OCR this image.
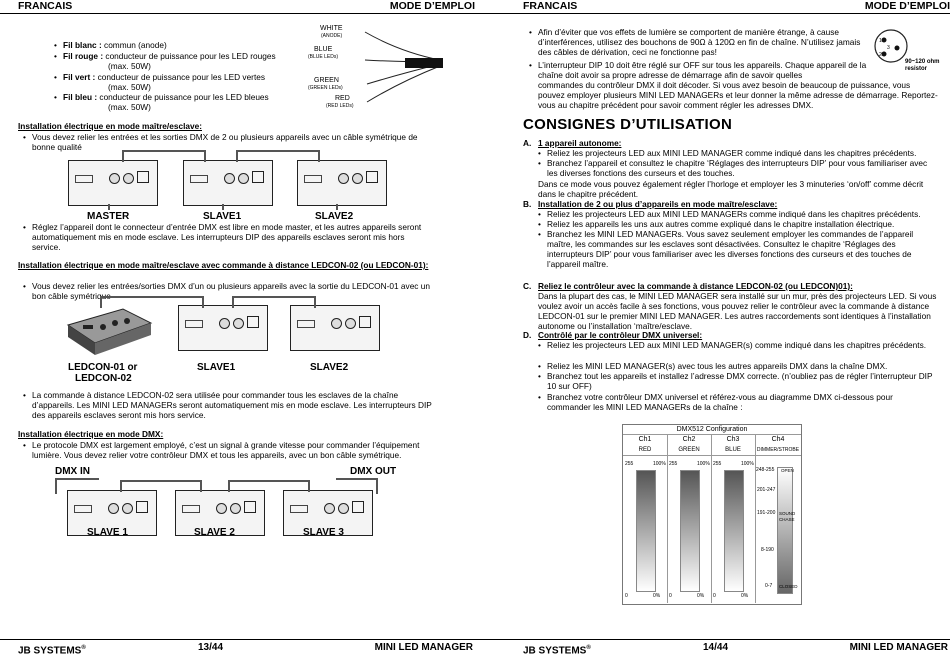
FRANCAIS	MODE D’EMPLOI
• Fil blanc : commun (anode)
• Fil rouge : conducteur de puissance pour les LED rouges
(max. 50W)
• Fil vert : conducteur de puissance pour les LED vertes
(max. 50W)
• Fil bleu : conducteur de puissance pour les LED bleues
(max. 50W)
WHITE
(ANODE)
BLUE
(BLUE LEDs)
GREEN
(GREEN LEDs)
RED
(RED LEDs)
Installation électrique en mode maître/esclave:
• Vous devez relier les entrées et les sorties DMX de 2 ou plusieurs appareils avec un câble symétrique de bonne qualité
MASTER	SLAVE1	SLAVE2
• Réglez l’appareil dont le connecteur d’entrée DMX est libre en mode master, et les autres appareils seront automatiquement mis en mode esclave. Les interrupteurs DIP des appareils esclaves seront mis hors service.
Installation électrique en mode maître/esclave avec commande à distance LEDCON-02 (ou LEDCON-01):
• Vous devez relier les entrées/sorties DMX d’un ou plusieurs appareils avec la sortie du LEDCON-01 avec un bon câble symétrique
LEDCON-01 or
LEDCON-02
SLAVE1	SLAVE2
• La commande à distance LEDCON-02 sera utilisée pour commander tous les esclaves de la chaîne d’appareils. Les MINI LED MANAGERs seront automatiquement mis en mode esclave. Les interrupteurs DIP des appareils esclaves seront mis hors service.
Installation électrique en mode DMX:
• Le protocole DMX est largement employé, c’est un signal à grande vitesse pour commander l’équipement lumière. Vous devez relier votre contrôleur DMX et tous les appareils, avec un bon câble symétrique.
DMX IN	DMX OUT
SLAVE 1	SLAVE 2	SLAVE 3
JB SYSTEMS®	13/44	MINI LED MANAGER
FRANCAIS	MODE D’EMPLOI
• Afin d’éviter que vos effets de lumière se comportent de manière étrange, à cause d’interférences, utilisez des bouchons de 90Ω à 120Ω en fin de chaîne. N’utilisez jamais des câbles de dérivation, ceci ne fonctionne pas!
• L’interrupteur DIP 10 doit être réglé sur OFF sur tous les appareils. Chaque appareil de la chaîne doit avoir sa propre adresse de démarrage afin de savoir quelles
commandes du contrôleur DMX il doit décoder. Si vous avez besoin de beaucoup de puissance, vous pouvez employer plusieurs MINI LED MANAGERs et leur donner la même adresse de démarrage. Reportez-vous au chapitre précédent pour savoir comment régler les adresses DMX.
1
3
2
90~120 ohm
resistor
CONSIGNES D’UTILISATION
A. 1 appareil autonome:
• Reliez les projecteurs LED aux MINI LED MANAGER comme indiqué dans les chapitres précédents.
• Branchez l’appareil et consultez le chapitre ‘Réglages des interrupteurs DIP’ pour vous familiariser avec les diverses fonctions des curseurs et des touches.
Dans ce mode vous pouvez également régler l’horloge et employer les 3 minuteries ‘on/off’ comme décrit dans le chapitre précédent.
B. Installation de 2 ou plus d’appareils en mode maître/esclave:
• Reliez les projecteurs LED aux MINI LED MANAGERs comme indiqué dans les chapitres précédents.
• Reliez les appareils les uns aux autres comme expliqué dans le chapitre installation électrique.
• Branchez les MINI LED MANAGERs. Vous savez seulement employer les commandes de l’appareil maître, les commandes sur les esclaves sont désactivées. Consultez le chapitre ‘Réglages des interrupteurs DIP’ pour vous familiariser avec les diverses fonctions des curseurs et des touches de l’appareil maître.
C. Reliez le contrôleur avec la commande à distance LEDCON-02 (ou LEDCON)01):
Dans la plupart des cas, le MINI LED MANAGER sera installé sur un mur, près des projecteurs LED. Si vous voulez avoir un accès facile à ses fonctions, vous pouvez relier le contrôleur avec la commande à distance LEDCON-01 sur le premier MINI LED MANAGER. Les autres raccordements sont identiques à l’installation autonome ou l’installation ‘maître/esclave.
D. Contrôlé par le contrôleur DMX universel:
• Reliez les projecteurs LED aux MINI LED MANAGER(s) comme indiqué dans les chapitres précédents.
• Reliez les MINI LED MANAGER(s) avec tous les autres appareils DMX dans la chaîne DMX.
• Branchez tout les appareils et installez l’adresse DMX correcte. (n’oubliez pas de régler l’interrupteur DIP 10 sur OFF)
• Branchez votre contrôleur DMX universel et référez-vous au diagramme DMX ci-dessous pour commander les MINI LED MANAGERs de la chaîne :
DMX512 Configuration
Ch1	Ch2	Ch3	Ch4
RED	GREEN	BLUE	DIMMER/STROBE
255	100%
0	0%
255	100%
0	0%
255	100%
0	0%
248-255
201-247
191-200
8-190
0-7
OPEN
SOUND
CHASE
CLOSED
JB SYSTEMS®	14/44	MINI LED MANAGER
